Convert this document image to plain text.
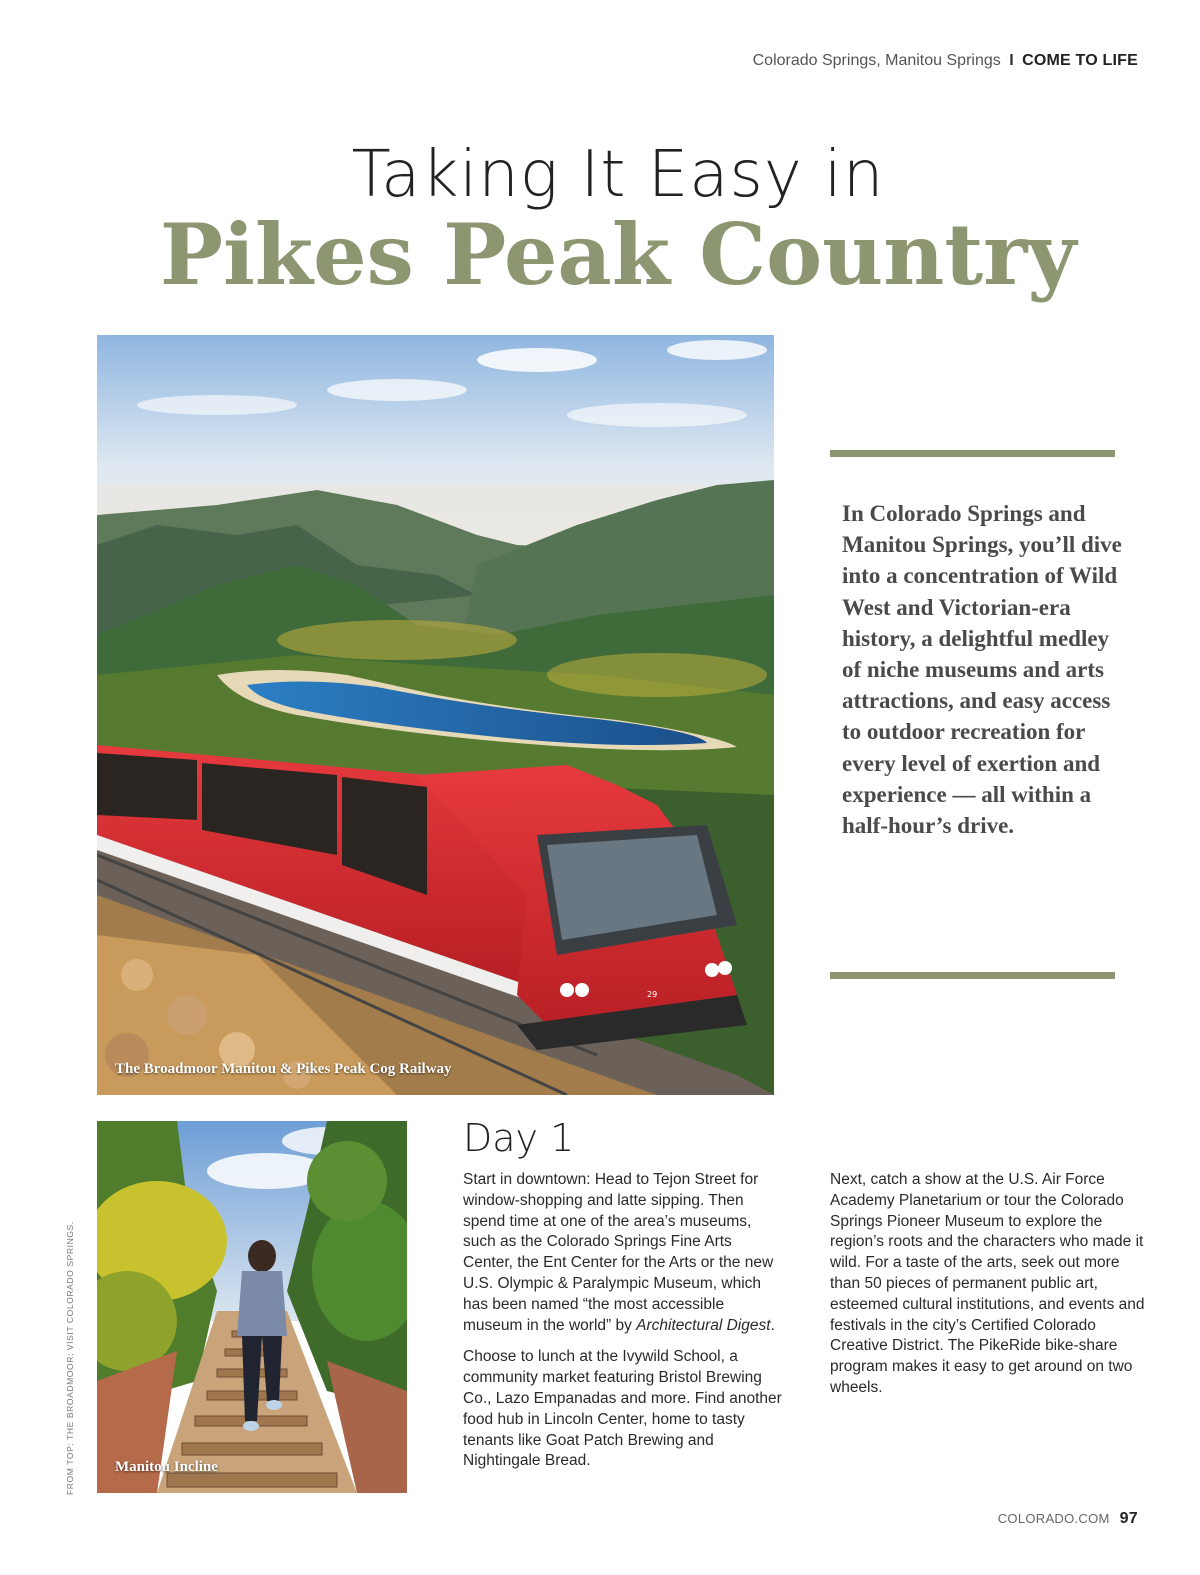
Colorado Springs, Manitou Springs I COME TO LIFE
Taking It Easy in
Pikes Peak Country
29
The Broadmoor Manitou & Pikes Peak Cog Railway
In Colorado Springs and Manitou Springs, you’ll dive into a concentration of Wild West and Victorian-era history, a delightful medley of niche museums and arts attractions, and easy access to outdoor recreation for every level of exertion and experience — all within a half-hour’s drive.
Manitou Incline
FROM TOP: THE BROADMOOR; VISIT COLORADO SPRINGS.
Day 1

Start in downtown: Head to Tejon Street for window-shopping and latte sipping. Then spend time at one of the area’s museums, such as the Colorado Springs Fine Arts Center, the Ent Center for the Arts or the new U.S. Olympic & Paralympic Museum, which has been named “the most accessible museum in the world” by Architectural Digest.

Choose to lunch at the Ivywild School, a community market featuring Bristol Brewing Co., Lazo Empanadas and more. Find another food hub in Lincoln Center, home to tasty tenants like Goat Patch Brewing and Nightingale Bread.

Next, catch a show at the U.S. Air Force Academy Planetarium or tour the Colorado Springs Pioneer Museum to explore the region’s roots and the characters who made it wild. For a taste of the arts, seek out more than 50 pieces of permanent public art, esteemed cultural institutions, and events and festivals in the city’s Certified Colorado Creative District. The PikeRide bike-share program makes it easy to get around on two wheels.

COLORADO.COM 97
